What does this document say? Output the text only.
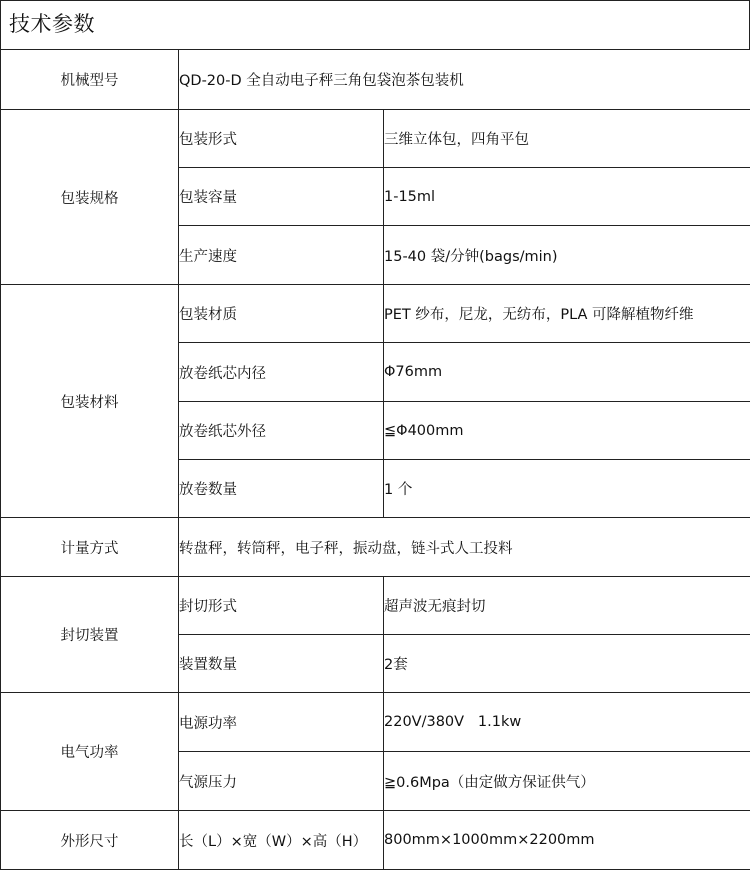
技术参数
机械型号	QD-20-D 全自动电子秤三角包袋泡茶包装机	
包装规格	包装形式	三维立体包，四角平包
	包装容量	1-15ml
	生产速度	15-40 袋/分钟(bags/min)
包装材料	包装材质	PET 纱布，尼龙，无纺布，PLA 可降解植物纤维
	放卷纸芯内径	Φ76mm
	放卷纸芯外径	≦Φ400mm
	放卷数量	1 个
计量方式	转盘秤，转筒秤，电子秤，振动盘，链斗式人工投料	
封切装置	封切形式	超声波无痕封切
	装置数量	2套
电气功率	电源功率	220V/380V   1.1kw
	气源压力	≧0.6Mpa（由定做方保证供气）
外形尺寸	长（L）×宽（W）×高（H）	800mm×1000mm×2200mm
